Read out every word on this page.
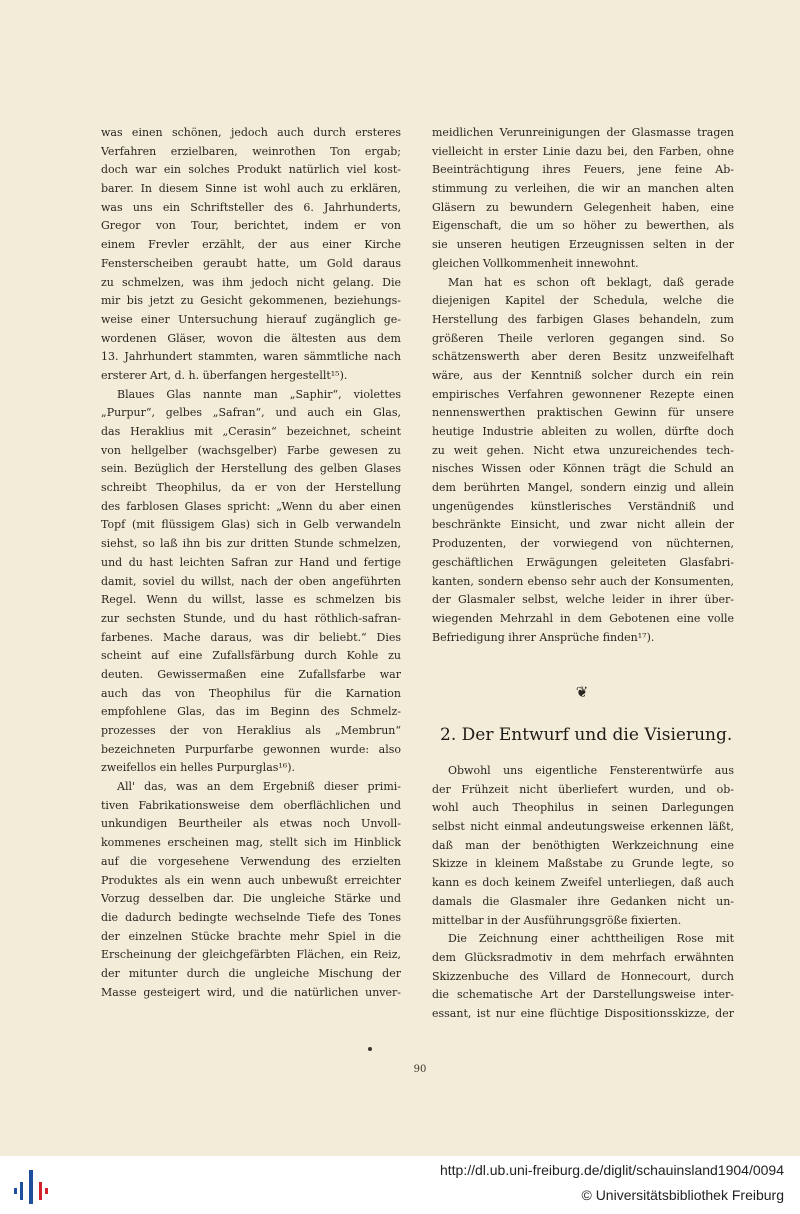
was einen schönen, jedoch auch durch ersteres
Verfahren erzielbaren, weinrothen Ton ergab;
doch war ein solches Produkt natürlich viel kost-
barer. In diesem Sinne ist wohl auch zu erklären,
was uns ein Schriftsteller des 6. Jahrhunderts,
Gregor von Tour, berichtet, indem er von
einem Frevler erzählt, der aus einer Kirche
Fensterscheiben geraubt hatte, um Gold daraus
zu schmelzen, was ihm jedoch nicht gelang. Die
mir bis jetzt zu Gesicht gekommenen, beziehungs-
weise einer Untersuchung hierauf zugänglich ge-
wordenen Gläser, wovon die ältesten aus dem
13. Jahrhundert stammten, waren sämmtliche nach
ersterer Art, d. h. überfangen hergestellt¹⁵).
Blaues Glas nannte man „Saphir“, violettes
„Purpur“, gelbes „Safran“, und auch ein Glas,
das Heraklius mit „Cerasin“ bezeichnet, scheint
von hellgelber (wachsgelber) Farbe gewesen zu
sein. Bezüglich der Herstellung des gelben Glases
schreibt Theophilus, da er von der Herstellung
des farblosen Glases spricht: „Wenn du aber einen
Topf (mit flüssigem Glas) sich in Gelb verwandeln
siehst, so laß ihn bis zur dritten Stunde schmelzen,
und du hast leichten Safran zur Hand und fertige
damit, soviel du willst, nach der oben angeführten
Regel. Wenn du willst, lasse es schmelzen bis
zur sechsten Stunde, und du hast röthlich-safran-
farbenes. Mache daraus, was dir beliebt.“ Dies
scheint auf eine Zufallsfärbung durch Kohle zu
deuten. Gewissermaßen eine Zufallsfarbe war
auch das von Theophilus für die Karnation
empfohlene Glas, das im Beginn des Schmelz-
prozesses der von Heraklius als „Membrun“
bezeichneten Purpurfarbe gewonnen wurde: also
zweifellos ein helles Purpurglas¹⁶).
All' das, was an dem Ergebniß dieser primi-
tiven Fabrikationsweise dem oberflächlichen und
unkundigen Beurtheiler als etwas noch Unvoll-
kommenes erscheinen mag, stellt sich im Hinblick
auf die vorgesehene Verwendung des erzielten
Produktes als ein wenn auch unbewußt erreichter
Vorzug desselben dar. Die ungleiche Stärke und
die dadurch bedingte wechselnde Tiefe des Tones
der einzelnen Stücke brachte mehr Spiel in die
Erscheinung der gleichgefärbten Flächen, ein Reiz,
der mitunter durch die ungleiche Mischung der
Masse gesteigert wird, und die natürlichen unver-
meidlichen Verunreinigungen der Glasmasse tragen
vielleicht in erster Linie dazu bei, den Farben, ohne
Beeinträchtigung ihres Feuers, jene feine Ab-
stimmung zu verleihen, die wir an manchen alten
Gläsern zu bewundern Gelegenheit haben, eine
Eigenschaft, die um so höher zu bewerthen, als
sie unseren heutigen Erzeugnissen selten in der
gleichen Vollkommenheit innewohnt.
Man hat es schon oft beklagt, daß gerade
diejenigen Kapitel der Schedula, welche die
Herstellung des farbigen Glases behandeln, zum
größeren Theile verloren gegangen sind. So
schätzenswerth aber deren Besitz unzweifelhaft
wäre, aus der Kenntniß solcher durch ein rein
empirisches Verfahren gewonnener Rezepte einen
nennenswerthen praktischen Gewinn für unsere
heutige Industrie ableiten zu wollen, dürfte doch
zu weit gehen. Nicht etwa unzureichendes tech-
nisches Wissen oder Können trägt die Schuld an
dem berührten Mangel, sondern einzig und allein
ungenügendes künstlerisches Verständniß und
beschränkte Einsicht, und zwar nicht allein der
Produzenten, der vorwiegend von nüchternen,
geschäftlichen Erwägungen geleiteten Glasfabri-
kanten, sondern ebenso sehr auch der Konsumenten,
der Glasmaler selbst, welche leider in ihrer über-
wiegenden Mehrzahl in dem Gebotenen eine volle
Befriedigung ihrer Ansprüche finden¹⁷).
❦
2. Der Entwurf und die Visierung.
Obwohl uns eigentliche Fensterentwürfe aus
der Frühzeit nicht überliefert wurden, und ob-
wohl auch Theophilus in seinen Darlegungen
selbst nicht einmal andeutungsweise erkennen läßt,
daß man der benöthigten Werkzeichnung eine
Skizze in kleinem Maßstabe zu Grunde legte, so
kann es doch keinem Zweifel unterliegen, daß auch
damals die Glasmaler ihre Gedanken nicht un-
mittelbar in der Ausführungsgröße fixierten.
Die Zeichnung einer achttheiligen Rose mit
dem Glücksradmotiv in dem mehrfach erwähnten
Skizzenbuche des Villard de Honnecourt, durch
die schematische Art der Darstellungsweise inter-
essant, ist nur eine flüchtige Dispositionsskizze, der
90
http://dl.ub.uni-freiburg.de/diglit/schauinsland1904/0094
© Universitätsbibliothek Freiburg
